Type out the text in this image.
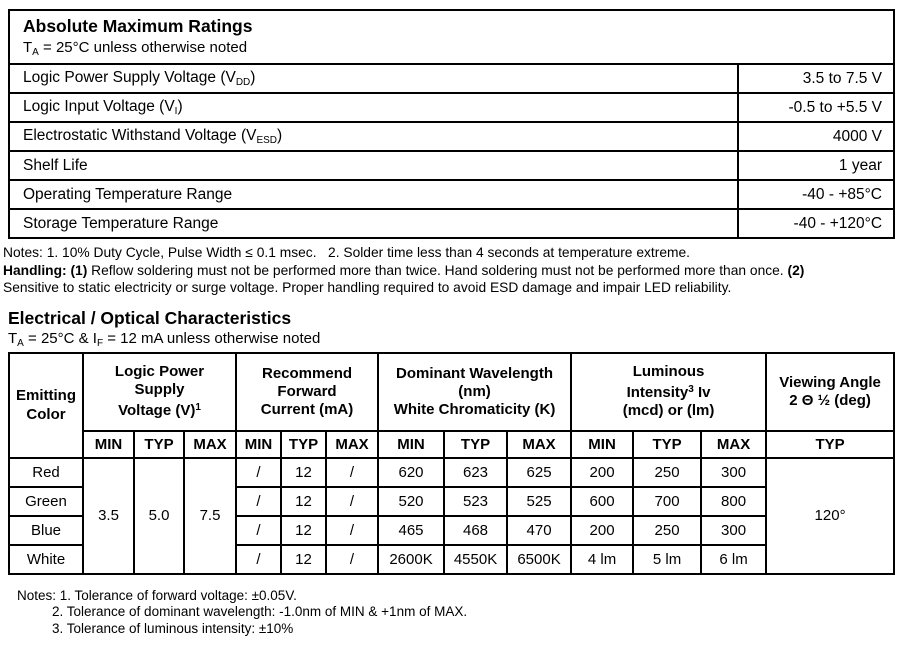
Absolute Maximum Ratings
$T_A = 25^\circ C$ unless otherwise noted	

Logic Power Supply Voltage $(V_{DD})$	3.5 to 7.5 V
Logic Input Voltage $(V_I)$	-0.5 to +5.5 V
Electrostatic Withstand Voltage $(V_{ESD})$	4000 V
Shelf Life	1 year
Operating Temperature Range	-40 - +85°C
Storage Temperature Range	-40 - +120°C
Notes: 1. 10% Duty Cycle, Pulse Width ≤ 0.1 msec.   2. Solder time less than 4 seconds at temperature extreme.
Handling: (1) Reflow soldering must not be performed more than twice. Hand soldering must not be performed more than once. (2)
Sensitive to static electricity or surge voltage. Proper handling required to avoid ESD damage and impair LED reliability.
Electrical / Optical Characteristics
$T_A = 25^\circ C$ & $I_F = 12$ mA unless otherwise noted
Emitting
Color

Logic Power
Supply
Voltage $(V)^1$

Recommend
Forward
Current (mA)

Dominant Wavelength
(nm)
White Chromaticity (K)

Luminous
Intensity$^3$ Iv
(mcd) or (lm)

Viewing Angle
2 Θ ½ (deg)

	MIN	TYP	MAX	MIN	TYP	MAX	MIN	TYP	MAX	MIN	TYP	MAX	TYP
Red	3.5	5.0	7.5	/	12	/	620	623	625	200	250	300	120°
Green				/	12	/	520	523	525	600	700	800	
Blue				/	12	/	465	468	470	200	250	300	
White				/	12	/	2600K	4550K	6500K	4 lm	5 lm	6 lm	
Notes: 1. Tolerance of forward voltage: ±0.05V.
2. Tolerance of dominant wavelength: -1.0nm of MIN & +1nm of MAX.
3. Tolerance of luminous intensity: ±10%
